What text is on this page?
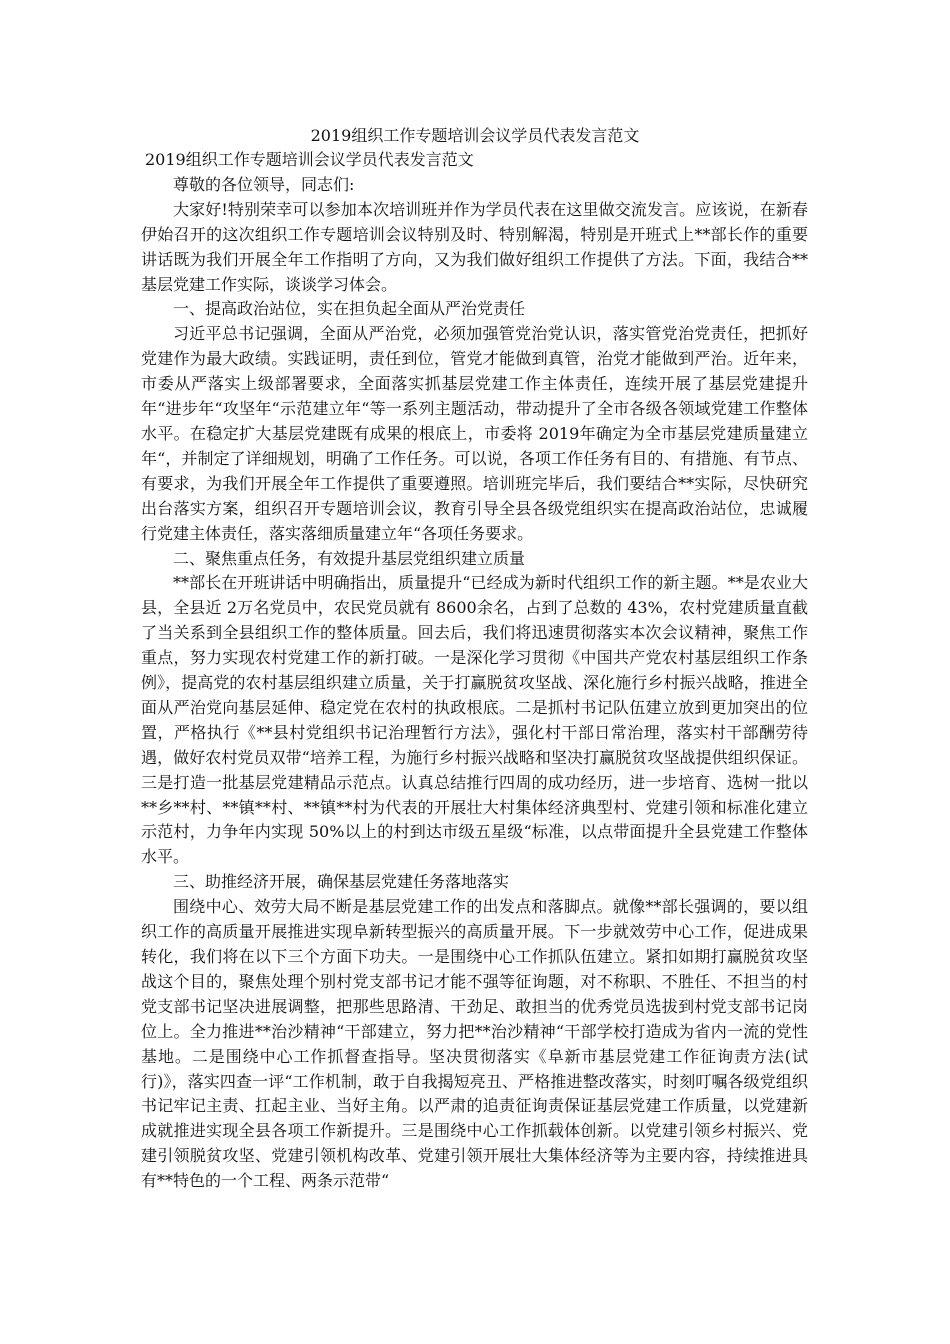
2019组织工作专题培训会议学员代表发言范文

2019组织工作专题培训会议学员代表发言范文

尊敬的各位领导，同志们:

大家好!特别荣幸可以参加本次培训班并作为学员代表在这里做交流发言。应该说，在新春伊始召开的这次组织工作专题培训会议特别及时、特别解渴，特别是开班式上**部长作的重要讲话既为我们开展全年工作指明了方向，又为我们做好组织工作提供了方法。下面，我结合**基层党建工作实际，谈谈学习体会。

一、提高政治站位，实在担负起全面从严治党责任

习近平总书记强调，全面从严治党，必须加强管党治党认识，落实管党治党责任，把抓好党建作为最大政绩。实践证明，责任到位，管党才能做到真管，治党才能做到严治。近年来，市委从严落实上级部署要求，全面落实抓基层党建工作主体责任，连续开展了基层党建提升年“进步年“攻坚年“示范建立年“等一系列主题活动，带动提升了全市各级各领域党建工作整体水平。在稳定扩大基层党建既有成果的根底上，市委将 2019年确定为全市基层党建质量建立年“，并制定了详细规划，明确了工作任务。可以说，各项工作任务有目的、有措施、有节点、有要求，为我们开展全年工作提供了重要遵照。培训班完毕后，我们要结合**实际，尽快研究出台落实方案，组织召开专题培训会议，教育引导全县各级党组织实在提高政治站位，忠诚履行党建主体责任，落实落细质量建立年“各项任务要求。

二、聚焦重点任务，有效提升基层党组织建立质量

**部长在开班讲话中明确指出，质量提升“已经成为新时代组织工作的新主题。**是农业大县，全县近 2万名党员中，农民党员就有 8600余名，占到了总数的 43%，农村党建质量直截了当关系到全县组织工作的整体质量。回去后，我们将迅速贯彻落实本次会议精神，聚焦工作重点，努力实现农村党建工作的新打破。一是深化学习贯彻《中国共产党农村基层组织工作条例》，提高党的农村基层组织建立质量，关于打赢脱贫攻坚战、深化施行乡村振兴战略，推进全面从严治党向基层延伸、稳定党在农村的执政根底。二是抓村书记队伍建立放到更加突出的位置，严格执行《**县村党组织书记治理暂行方法》，强化村干部日常治理，落实村干部酬劳待遇，做好农村党员双带“培养工程，为施行乡村振兴战略和坚决打赢脱贫攻坚战提供组织保证。三是打造一批基层党建精品示范点。认真总结推行四周的成功经历，进一步培育、选树一批以**乡**村、**镇**村、**镇**村为代表的开展壮大村集体经济典型村、党建引领和标准化建立示范村，力争年内实现 50%以上的村到达市级五星级“标准，以点带面提升全县党建工作整体水平。

三、助推经济开展，确保基层党建任务落地落实

围绕中心、效劳大局不断是基层党建工作的出发点和落脚点。就像**部长强调的，要以组织工作的高质量开展推进实现阜新转型振兴的高质量开展。下一步就效劳中心工作，促进成果转化，我们将在以下三个方面下功夫。一是围绕中心工作抓队伍建立。紧扣如期打赢脱贫攻坚战这个目的，聚焦处理个别村党支部书记才能不强等征询题，对不称职、不胜任、不担当的村党支部书记坚决进展调整，把那些思路清、干劲足、敢担当的优秀党员选拔到村党支部书记岗位上。全力推进**治沙精神“干部建立，努力把**治沙精神“干部学校打造成为省内一流的党性基地。二是围绕中心工作抓督查指导。坚决贯彻落实《阜新市基层党建工作征询责方法(试行)》，落实四查一评“工作机制，敢于自我揭短亮丑、严格推进整改落实，时刻叮嘱各级党组织书记牢记主责、扛起主业、当好主角。以严肃的追责征询责保证基层党建工作质量，以党建新成就推进实现全县各项工作新提升。三是围绕中心工作抓载体创新。以党建引领乡村振兴、党建引领脱贫攻坚、党建引领机构改革、党建引领开展壮大集体经济等为主要内容，持续推进具有**特色的一个工程、两条示范带“
